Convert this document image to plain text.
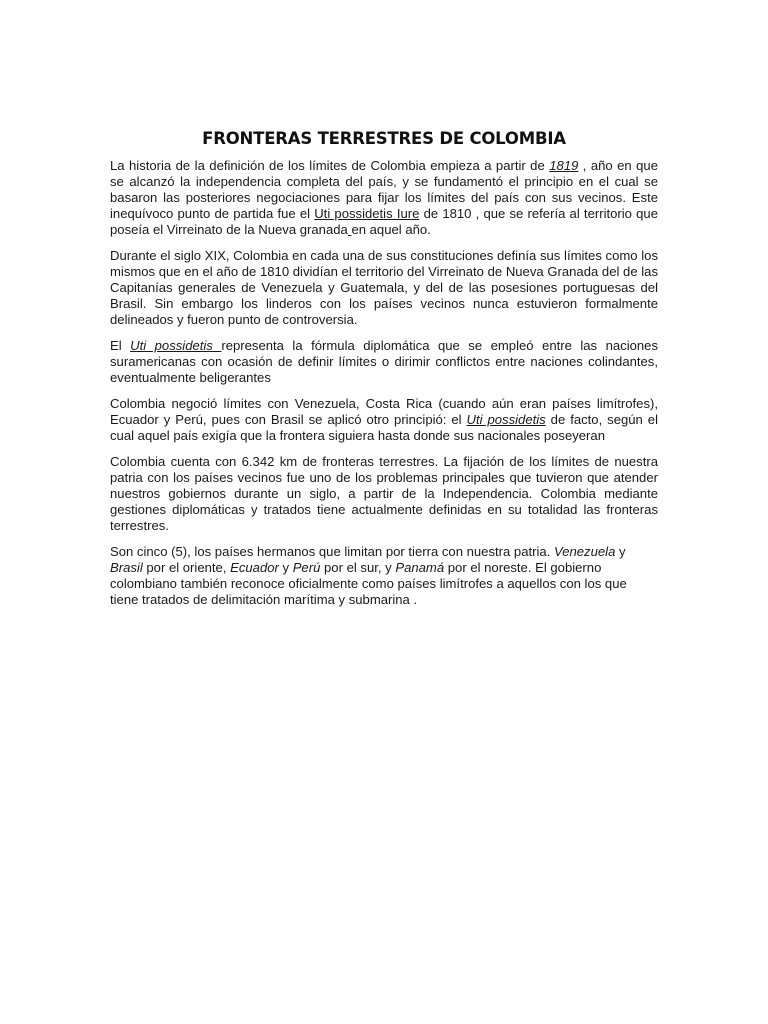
FRONTERAS TERRESTRES DE COLOMBIA

La historia de la definición de los límites de Colombia empieza a partir de 1819 , año en que se alcanzó la independencia completa del país, y se fundamentó el principio en el cual se basaron las posteriores negociaciones para fijar los límites del país con sus vecinos. Este inequívoco punto de partida fue el Uti possidetis Iure de 1810 , que se refería al territorio que poseía el Virreinato de la Nueva granada en aquel año.

Durante el siglo XIX, Colombia en cada una de sus constituciones definía sus límites como los mismos que en el año de 1810 dividían el territorio del Virreinato de Nueva Granada del de las Capitanías generales de Venezuela y Guatemala, y del de las posesiones portuguesas del Brasil. Sin embargo los linderos con los países vecinos nunca estuvieron formalmente delineados y fueron punto de controversia.

El Uti possidetis representa la fórmula diplomática que se empleó entre las naciones suramericanas con ocasión de definir límites o dirimir conflictos entre naciones colindantes, eventualmente beligerantes

Colombia negoció límites con Venezuela, Costa Rica (cuando aún eran países limítrofes), Ecuador y Perú, pues con Brasil se aplicó otro principió: el Uti possidetis de facto, según el cual aquel país exigía que la frontera siguiera hasta donde sus nacionales poseyeran

Colombia cuenta con 6.342 km de fronteras terrestres. La fijación de los límites de nuestra patria con los países vecinos fue uno de los problemas principales que tuvieron que atender nuestros gobiernos durante un siglo, a partir de la Independencia. Colombia mediante gestiones diplomáticas y tratados tiene actualmente definidas en su totalidad las fronteras terrestres.

Son cinco (5), los países hermanos que limitan por tierra con nuestra patria. Venezuela y Brasil por el oriente, Ecuador y Perú por el sur, y Panamá por el noreste. El gobierno colombiano también reconoce oficialmente como países limítrofes a aquellos con los que tiene tratados de delimitación marítima y submarina .
